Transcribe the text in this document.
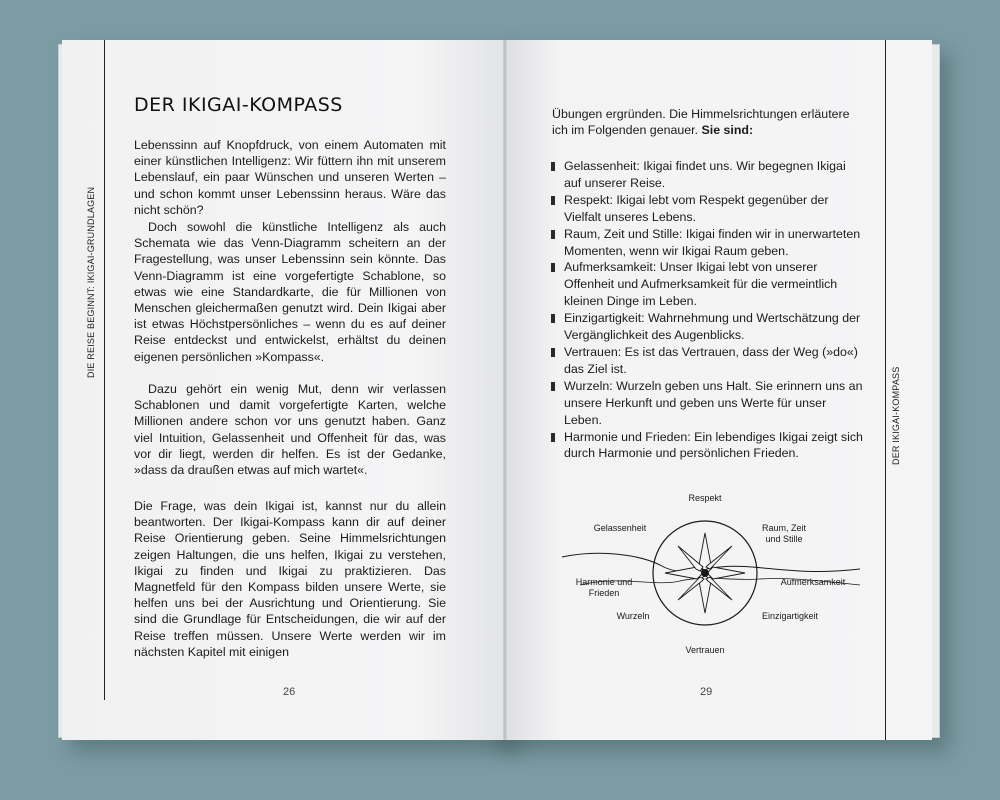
DIE REISE BEGINNT: IKIGAI-GRUNDLAGEN
DER IKIGAI-KOMPASS
DER IKIGAI-KOMPASS
Lebenssinn auf Knopfdruck, von einem Automaten mit einer künstlichen Intelligenz: Wir füttern ihn mit unserem Lebenslauf, ein paar Wünschen und unseren Werten – und schon kommt unser Lebenssinn heraus. Wäre das nicht schön?
Doch sowohl die künstliche Intelligenz als auch Schemata wie das Venn-Diagramm scheitern an der Fragestellung, was unser Lebenssinn sein könnte. Das Venn-Diagramm ist eine vorgefertigte Schablone, so etwas wie eine Standardkarte, die für Millionen von Menschen gleichermaßen genutzt wird. Dein Ikigai aber ist etwas Höchstpersönliches – wenn du es auf deiner Reise entdeckst und entwickelst, erhältst du deinen eigenen persönlichen »Kompass«.
Dazu gehört ein wenig Mut, denn wir verlassen Schablonen und damit vorgefertigte Karten, welche Millionen andere schon vor uns genutzt haben. Ganz viel Intuition, Gelassenheit und Offenheit für das, was vor dir liegt, werden dir helfen. Es ist der Gedanke, »dass da draußen etwas auf mich wartet«.
Die Frage, was dein Ikigai ist, kannst nur du allein beantworten. Der Ikigai-Kompass kann dir auf deiner Reise Orientierung geben. Seine Himmelsrichtungen zeigen Haltungen, die uns helfen, Ikigai zu verstehen, Ikigai zu finden und Ikigai zu praktizieren. Das Magnetfeld für den Kompass bilden unsere Werte, sie helfen uns bei der Ausrichtung und Orientierung. Sie sind die Grundlage für Entscheidungen, die wir auf der Reise treffen müssen. Unsere Werte werden wir im nächsten Kapitel mit einigen
26
Übungen ergründen. Die Himmelsrichtungen erläutere ich im Folgenden genauer. Sie sind:
Gelassenheit: Ikigai findet uns. Wir begegnen Ikigai auf unserer Reise.
Respekt: Ikigai lebt vom Respekt gegenüber der Vielfalt unseres Lebens.
Raum, Zeit und Stille: Ikigai finden wir in unerwarteten Momenten, wenn wir Ikigai Raum geben.
Aufmerksamkeit: Unser Ikigai lebt von unserer Offenheit und Aufmerksamkeit für die vermeintlich kleinen Dinge im Leben.
Einzigartigkeit: Wahrnehmung und Wertschätzung der Vergänglichkeit des Augenblicks.
Vertrauen: Es ist das Vertrauen, dass der Weg (»do«) das Ziel ist.
Wurzeln: Wurzeln geben uns Halt. Sie erinnern uns an unsere Herkunft und geben uns Werte für unser Leben.
Harmonie und Frieden: Ein lebendiges Ikigai zeigt sich durch Harmonie und persönlichen Frieden.
Respekt
Gelassenheit	Raum, Zeit
und Stille
Harmonie und
Frieden
Aufmerksamkeit
Wurzeln	Einzigartigkeit
Vertrauen
29
